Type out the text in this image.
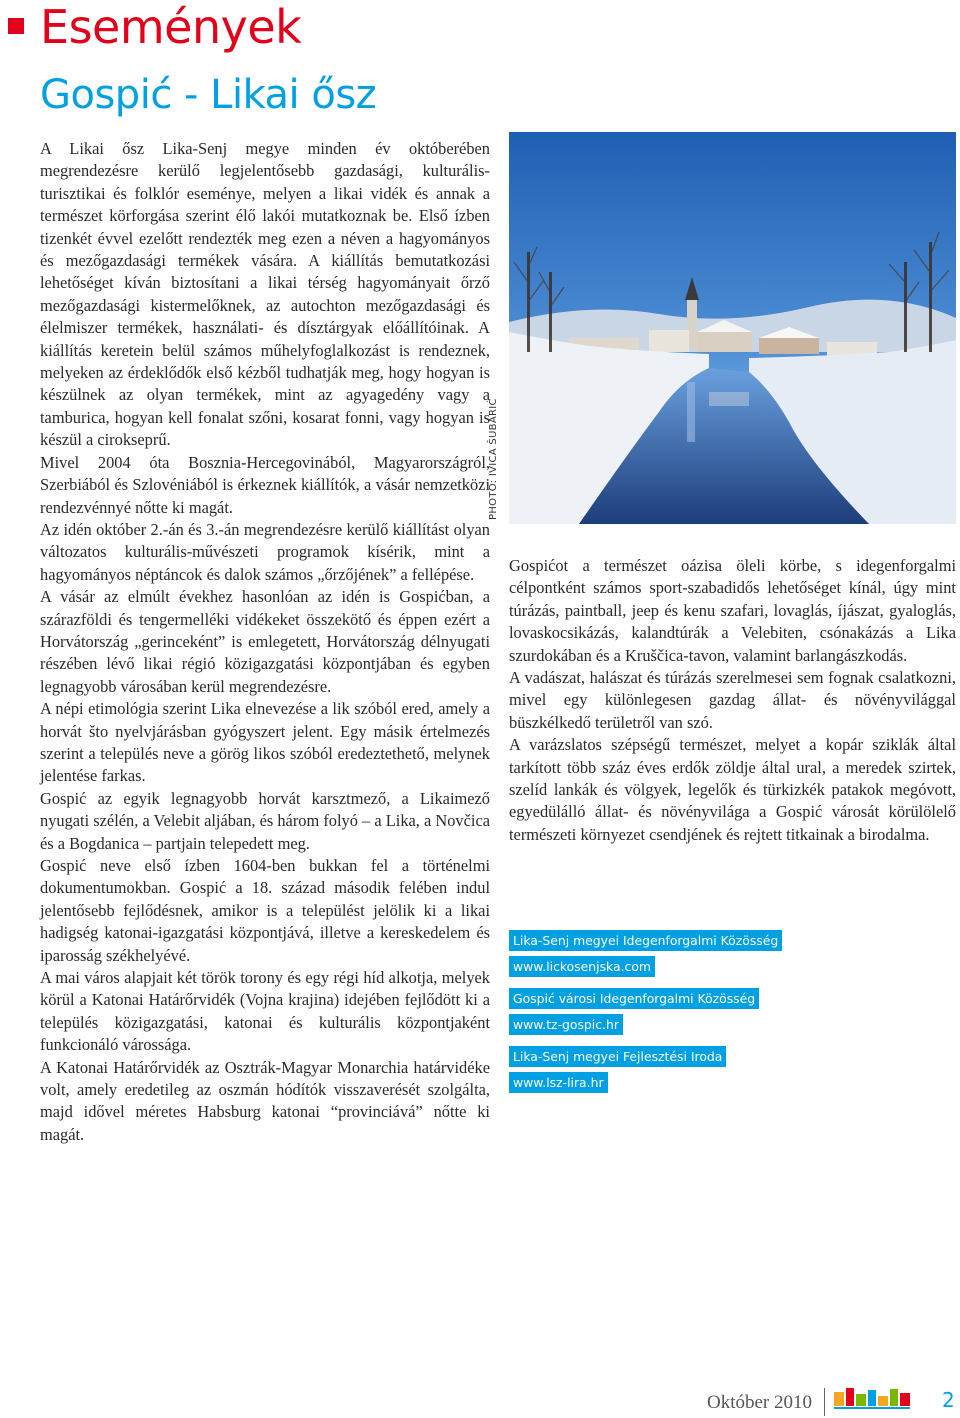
Események
Gospić - Likai ősz

A Likai ősz Lika-Senj megye minden év októberében megrendezésre kerülő legjelentősebb gazdasági, kulturális-turisztikai és folklór eseménye, melyen a likai vidék és annak a természet körforgása szerint élő lakói mutatkoznak be. Első ízben tizenkét évvel ezelőtt rendezték meg ezen a néven a hagyományos és mezőgazdasági termékek vására. A kiállítás bemutatkozási lehetőséget kíván biztosítani a likai térség hagyományait őrző mezőgazdasági kistermelőknek, az autochton mezőgazdasági és élelmiszer termékek, használati- és dísztárgyak előállítóinak. A kiállítás keretein belül számos műhelyfoglalkozást is rendeznek, melyeken az érdeklődők első kézből tudhatják meg, hogy hogyan is készülnek az olyan termékek, mint az agyagedény vagy a tamburica, hogyan kell fonalat szőni, kosarat fonni, vagy hogyan is készül a cirokseprű.

Mivel 2004 óta Bosznia-Hercegovinából, Magyarországról, Szerbiából és Szlovéniából is érkeznek kiállítók, a vásár nemzetközi rendezvénnyé nőtte ki magát.

Az idén október 2.-án és 3.-án megrendezésre kerülő kiállítást olyan változatos kulturális-művészeti programok kísérik, mint a hagyományos néptáncok és dalok számos „őrzőjének” a fellépése.

A vásár az elmúlt évekhez hasonlóan az idén is Gospićban, a szárazföldi és tengermelléki vidékeket összekötő és éppen ezért a Horvátország „gerinceként” is emlegetett, Horvátország délnyugati részében lévő likai régió közigazgatási központjában és egyben legnagyobb városában kerül megrendezésre.

A népi etimológia szerint Lika elnevezése a lik szóból ered, amely a horvát što nyelvjárásban gyógyszert jelent. Egy másik értelmezés szerint a település neve a görög likos szóból eredeztethető, melynek jelentése farkas.

Gospić az egyik legnagyobb horvát karsztmező, a Likaimező nyugati szélén, a Velebit aljában, és három folyó – a Lika, a Novčica és a Bogdanica – partjain telepedett meg.

Gospić neve első ízben 1604-ben bukkan fel a történelmi dokumentumokban. Gospić a 18. század második felében indul jelentősebb fejlődésnek, amikor is a települést jelölik ki a likai hadigség katonai-igazgatási központjává, illetve a kereskedelem és iparosság székhelyévé.

A mai város alapjait két török torony és egy régi híd alkotja, melyek körül a Katonai Határőrvidék (Vojna krajina) idejében fejlődött ki a település közigazgatási, katonai és kulturális központjaként funkcionáló várossága.

A Katonai Határőrvidék az Osztrák-Magyar Monarchia határvidéke volt, amely eredetileg az oszmán hódítók visszaverését szolgálta, majd idővel méretes Habsburg katonai “provinciává” nőtte ki magát.

PHOTO: IVICA ŠUBARIĆ

Gospićot a természet oázisa öleli körbe, s idegenforgalmi célpontként számos sport-szabadidős lehetőséget kínál, úgy mint túrázás, paintball, jeep és kenu szafari, lovaglás, íjászat, gyaloglás, lovaskocsikázás, kalandtúrák a Velebiten, csónakázás a Lika szurdokában és a Kruščica-tavon, valamint barlangászkodás.

A vadászat, halászat és túrázás szerelmesei sem fognak csalatkozni, mivel egy különlegesen gazdag állat- és növényvilággal büszkélkedő területről van szó.

A varázslatos szépségű természet, melyet a kopár sziklák által tarkított több száz éves erdők zöldje által ural, a meredek szirtek, szelíd lankák és völgyek, legelők és türkizkék patakok megóvott, egyedülálló állat- és növényvilága a Gospić városát körülölelő természeti környezet csendjének és rejtett titkainak a birodalma.

Lika-Senj megyei Idegenforgalmi Közösség
www.lickosenjska.com
Gospić városi Idegenforgalmi Közösség
www.tz-gospic.hr
Lika-Senj megyei Fejlesztési Iroda
www.lsz-lira.hr
Október 2010	2
